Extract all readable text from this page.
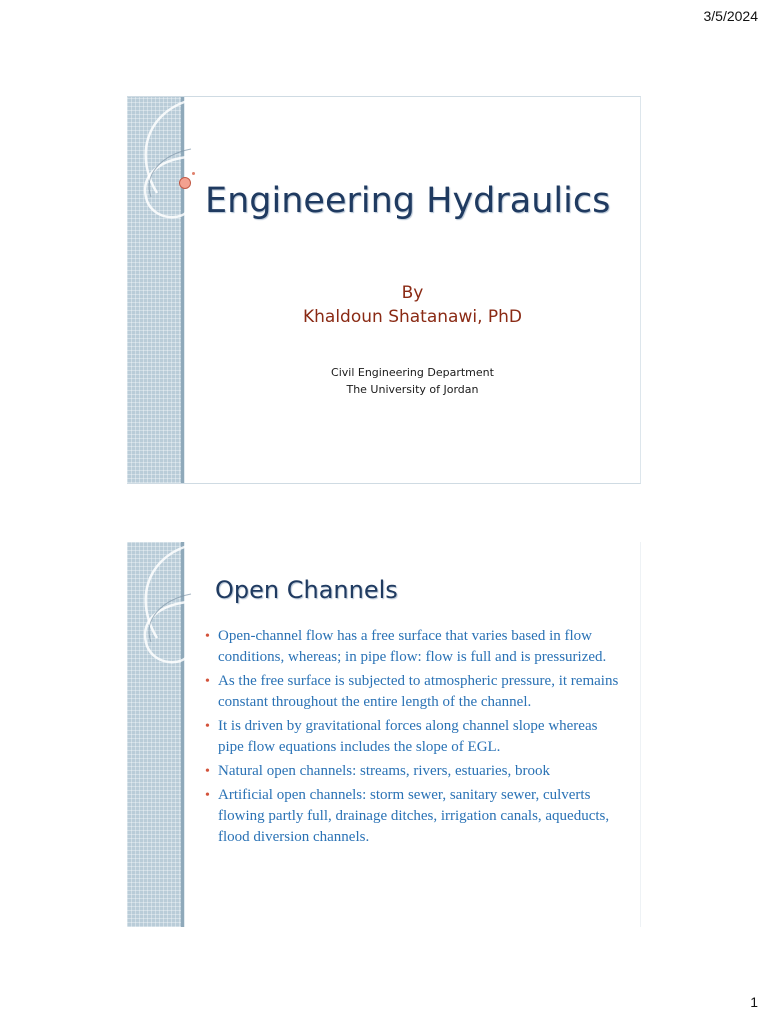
3/5/2024
Engineering Hydraulics
By
Khaldoun Shatanawi, PhD
Civil Engineering Department
The University of Jordan
Open Channels
• Open-channel flow has a free surface that varies based in flow conditions, whereas; in pipe flow: flow is full and is pressurized.
• As the free surface is subjected to atmospheric pressure, it remains constant throughout the entire length of the channel.
• It is driven by gravitational forces along channel slope whereas pipe flow equations includes the slope of EGL.
• Natural open channels: streams, rivers, estuaries, brook
• Artificial open channels: storm sewer, sanitary sewer, culverts flowing partly full, drainage ditches, irrigation canals, aqueducts, flood diversion channels.
1
